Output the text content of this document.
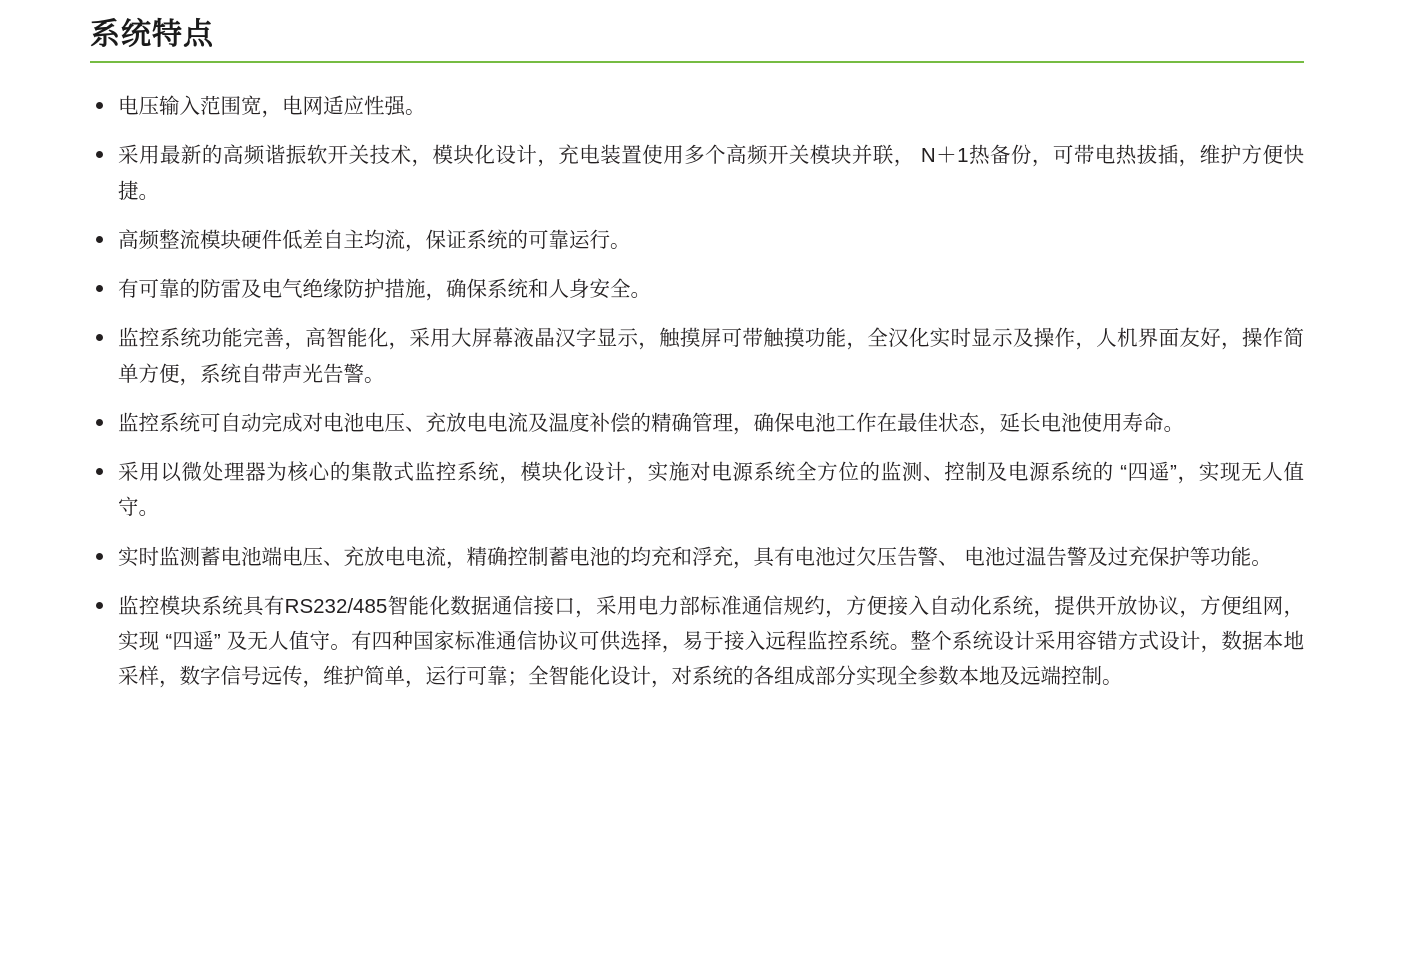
系统特点
电压输入范围宽，电网适应性强。
采用最新的高频谐振软开关技术，模块化设计，充电装置使用多个高频开关模块并联， N＋1热备份，可带电热拔插，维护方便快捷。
高频整流模块硬件低差自主均流，保证系统的可靠运行。
有可靠的防雷及电气绝缘防护措施，确保系统和人身安全。
监控系统功能完善，高智能化，采用大屏幕液晶汉字显示，触摸屏可带触摸功能，全汉化实时显示及操作，人机界面友好，操作简单方便，系统自带声光告警。
监控系统可自动完成对电池电压、充放电电流及温度补偿的精确管理，确保电池工作在最佳状态，延长电池使用寿命。
采用以微处理器为核心的集散式监控系统，模块化设计，实施对电源系统全方位的监测、控制及电源系统的 “四遥”，实现无人值守。
实时监测蓄电池端电压、充放电电流，精确控制蓄电池的均充和浮充，具有电池过欠压告警、 电池过温告警及过充保护等功能。
监控模块系统具有RS232/485智能化数据通信接口，采用电力部标准通信规约，方便接入自动化系统，提供开放协议，方便组网，实现 “四遥” 及无人值守。有四种国家标准通信协议可供选择，易于接入远程监控系统。整个系统设计采用容错方式设计，数据本地采样，数字信号远传，维护简单，运行可靠；全智能化设计，对系统的各组成部分实现全参数本地及远端控制。
